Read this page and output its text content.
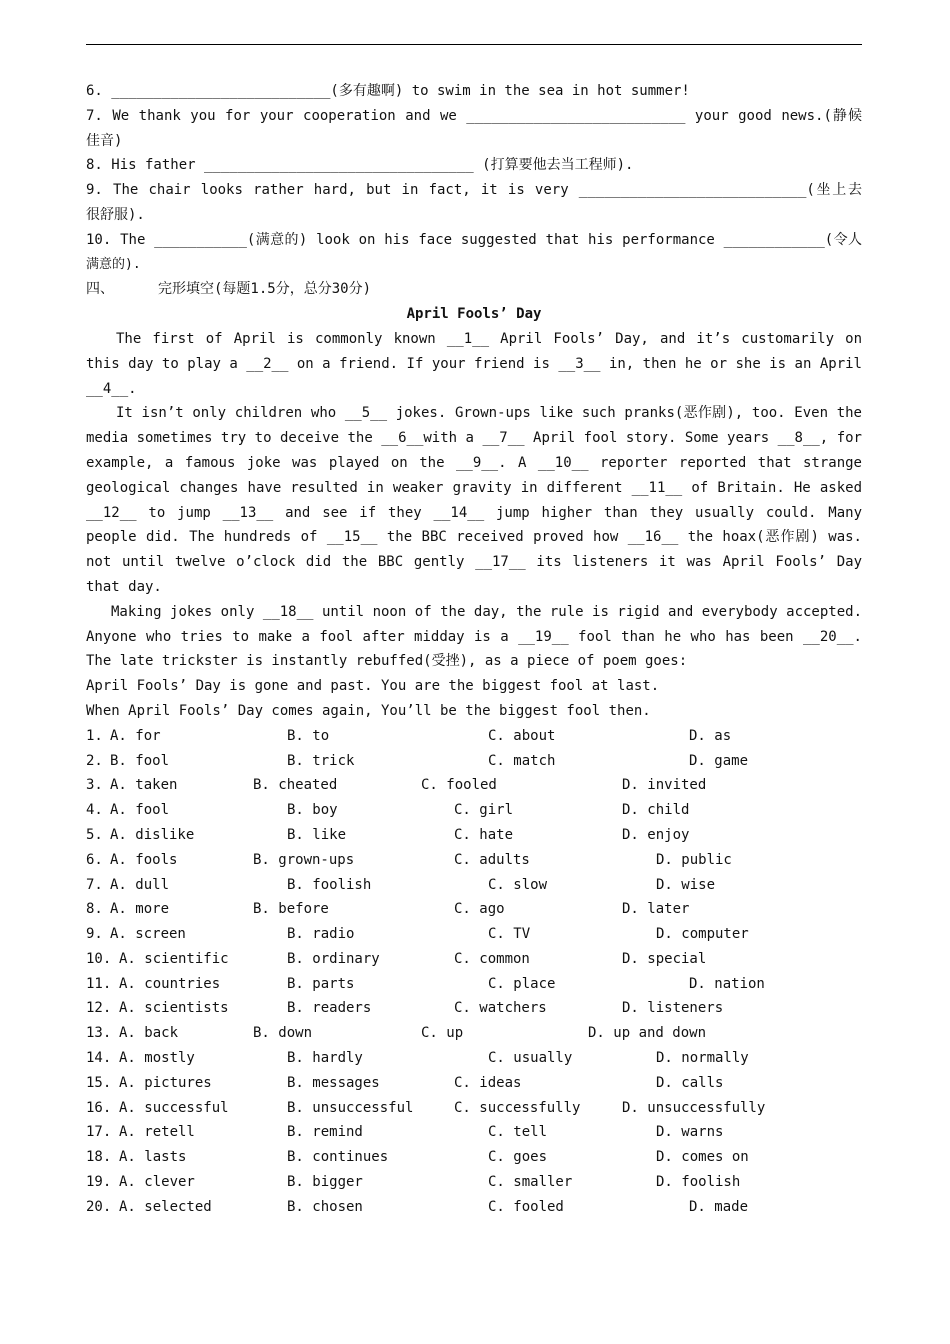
6. __________________________(多有趣啊) to swim in the sea in hot summer!
7. We thank you for your cooperation and we __________________________ your good news.(静候
佳音)
8. His father ________________________________ (打算要他去当工程师).
9. The chair looks rather hard, but in fact, it is very ___________________________(坐上去
很舒服).
10. The ___________(满意的) look on his face suggested that his performance ____________(令人
满意的).
四、	完形填空(每题1.5分，总分30分)
April Fools’ Day
The first of April is commonly known __1__ April Fools’ Day, and it’s customarily on this day to play a __2__ on a friend. If your friend is __3__ in, then he or she is an April __4__.
It isn’t only children who __5__ jokes. Grown-ups like such pranks(恶作剧), too. Even the media sometimes try to deceive the __6__with a __7__ April fool story. Some years __8__, for example, a famous joke was played on the __9__. A __10__ reporter reported that strange geological changes have resulted in weaker gravity in different __11__ of Britain. He asked __12__ to jump __13__ and see if they __14__ jump higher than they usually could. Many people did. The hundreds of __15__ the BBC received proved how __16__ the hoax(恶作剧) was. not until twelve o’clock did the BBC gently __17__ its listeners it was April Fools’ Day that day.
Making jokes only __18__ until noon of the day, the rule is rigid and everybody accepted. Anyone who tries to make a fool after midday is a __19__ fool than he who has been __20__. The late trickster is instantly rebuffed(受挫), as a piece of poem goes:
April Fools’ Day is gone and past. You are the biggest fool at last.
When April Fools’ Day comes again, You’ll be the biggest fool then.
1. A. for	B. to	C. about	D. as
2. B. fool	B. trick	C. match	D. game
3. A. taken	B. cheated	C. fooled	D. invited
4. A. fool	B. boy	C. girl	D. child
5. A. dislike	B. like	C. hate	D. enjoy
6. A. fools	B. grown-ups	C. adults	D. public
7. A. dull	B. foolish	C. slow	D. wise
8. A. more	B. before	C. ago	D. later
9. A. screen	B. radio	C. TV	D. computer
10. A. scientific	B. ordinary	C. common	D. special
11. A. countries	B. parts	C. place	D. nation
12. A. scientists	B. readers	C. watchers	D. listeners
13. A. back	B. down	C. up	D. up and down
14. A. mostly	B. hardly	C. usually	D. normally
15. A. pictures	B. messages	C. ideas	D. calls
16. A. successful	B. unsuccessful	C. successfully	D. unsuccessfully
17. A. retell	B. remind	C. tell	D. warns
18. A. lasts	B. continues	C. goes	D. comes on
19. A. clever	B. bigger	C. smaller	D. foolish
20. A. selected	B. chosen	C. fooled	D. made
